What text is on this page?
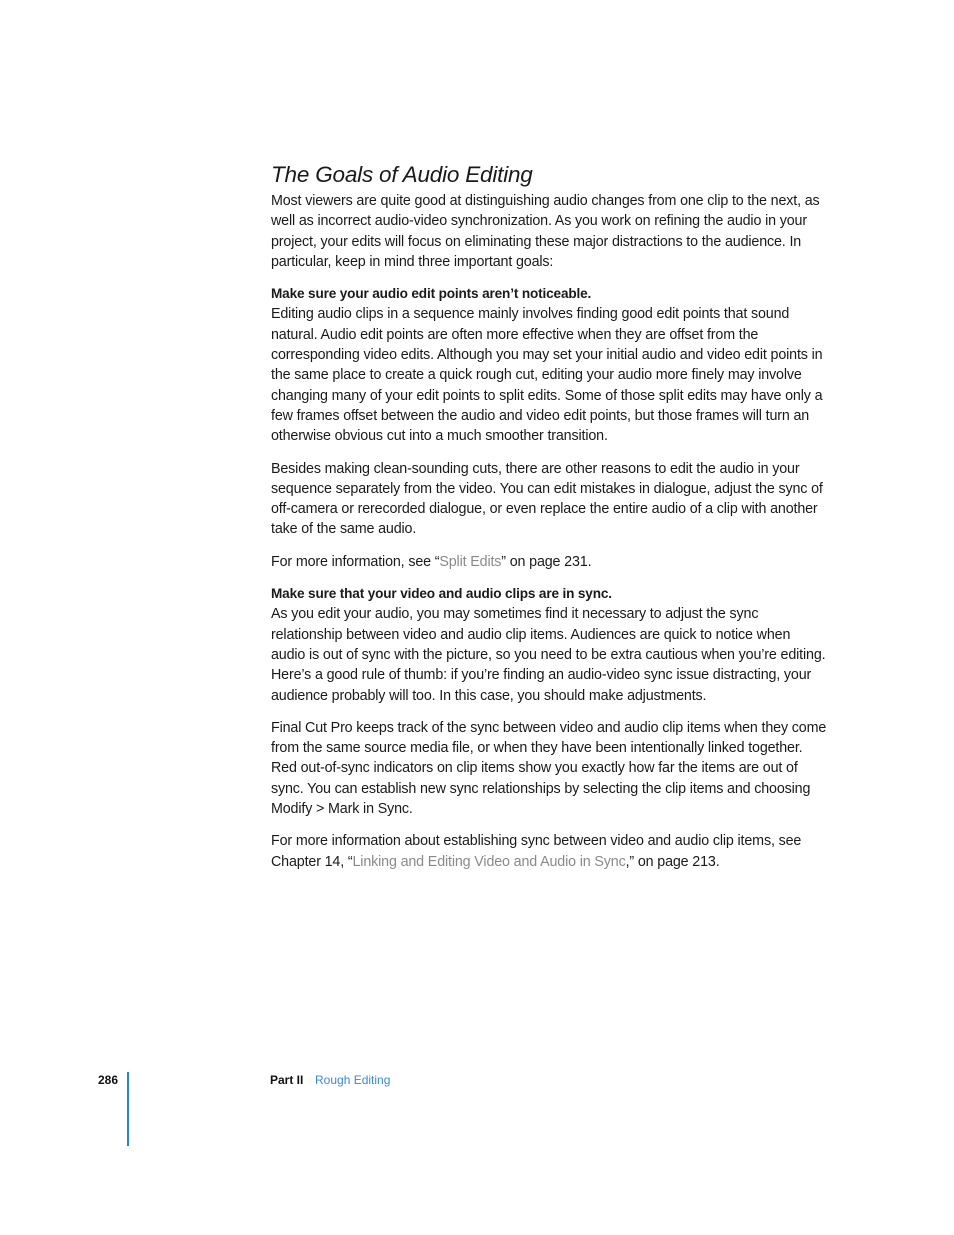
The Goals of Audio Editing

Most viewers are quite good at distinguishing audio changes from one clip to the next, as well as incorrect audio-video synchronization. As you work on refining the audio in your project, your edits will focus on eliminating these major distractions to the audience. In particular, keep in mind three important goals:

Make sure your audio edit points aren’t noticeable.

Editing audio clips in a sequence mainly involves finding good edit points that sound natural. Audio edit points are often more effective when they are offset from the corresponding video edits. Although you may set your initial audio and video edit points in the same place to create a quick rough cut, editing your audio more finely may involve changing many of your edit points to split edits. Some of those split edits may have only a few frames offset between the audio and video edit points, but those frames will turn an otherwise obvious cut into a much smoother transition.

Besides making clean-sounding cuts, there are other reasons to edit the audio in your sequence separately from the video. You can edit mistakes in dialogue, adjust the sync of off-camera or rerecorded dialogue, or even replace the entire audio of a clip with another take of the same audio.

For more information, see “Split Edits” on page 231.

Make sure that your video and audio clips are in sync.

As you edit your audio, you may sometimes find it necessary to adjust the sync relationship between video and audio clip items. Audiences are quick to notice when audio is out of sync with the picture, so you need to be extra cautious when you’re editing. Here’s a good rule of thumb: if you’re finding an audio-video sync issue distracting, your audience probably will too. In this case, you should make adjustments.

Final Cut Pro keeps track of the sync between video and audio clip items when they come from the same source media file, or when they have been intentionally linked together. Red out-of-sync indicators on clip items show you exactly how far the items are out of sync. You can establish new sync relationships by selecting the clip items and choosing Modify > Mark in Sync.

For more information about establishing sync between video and audio clip items, see Chapter 14, “Linking and Editing Video and Audio in Sync,” on page 213.

286	Part II Rough Editing
